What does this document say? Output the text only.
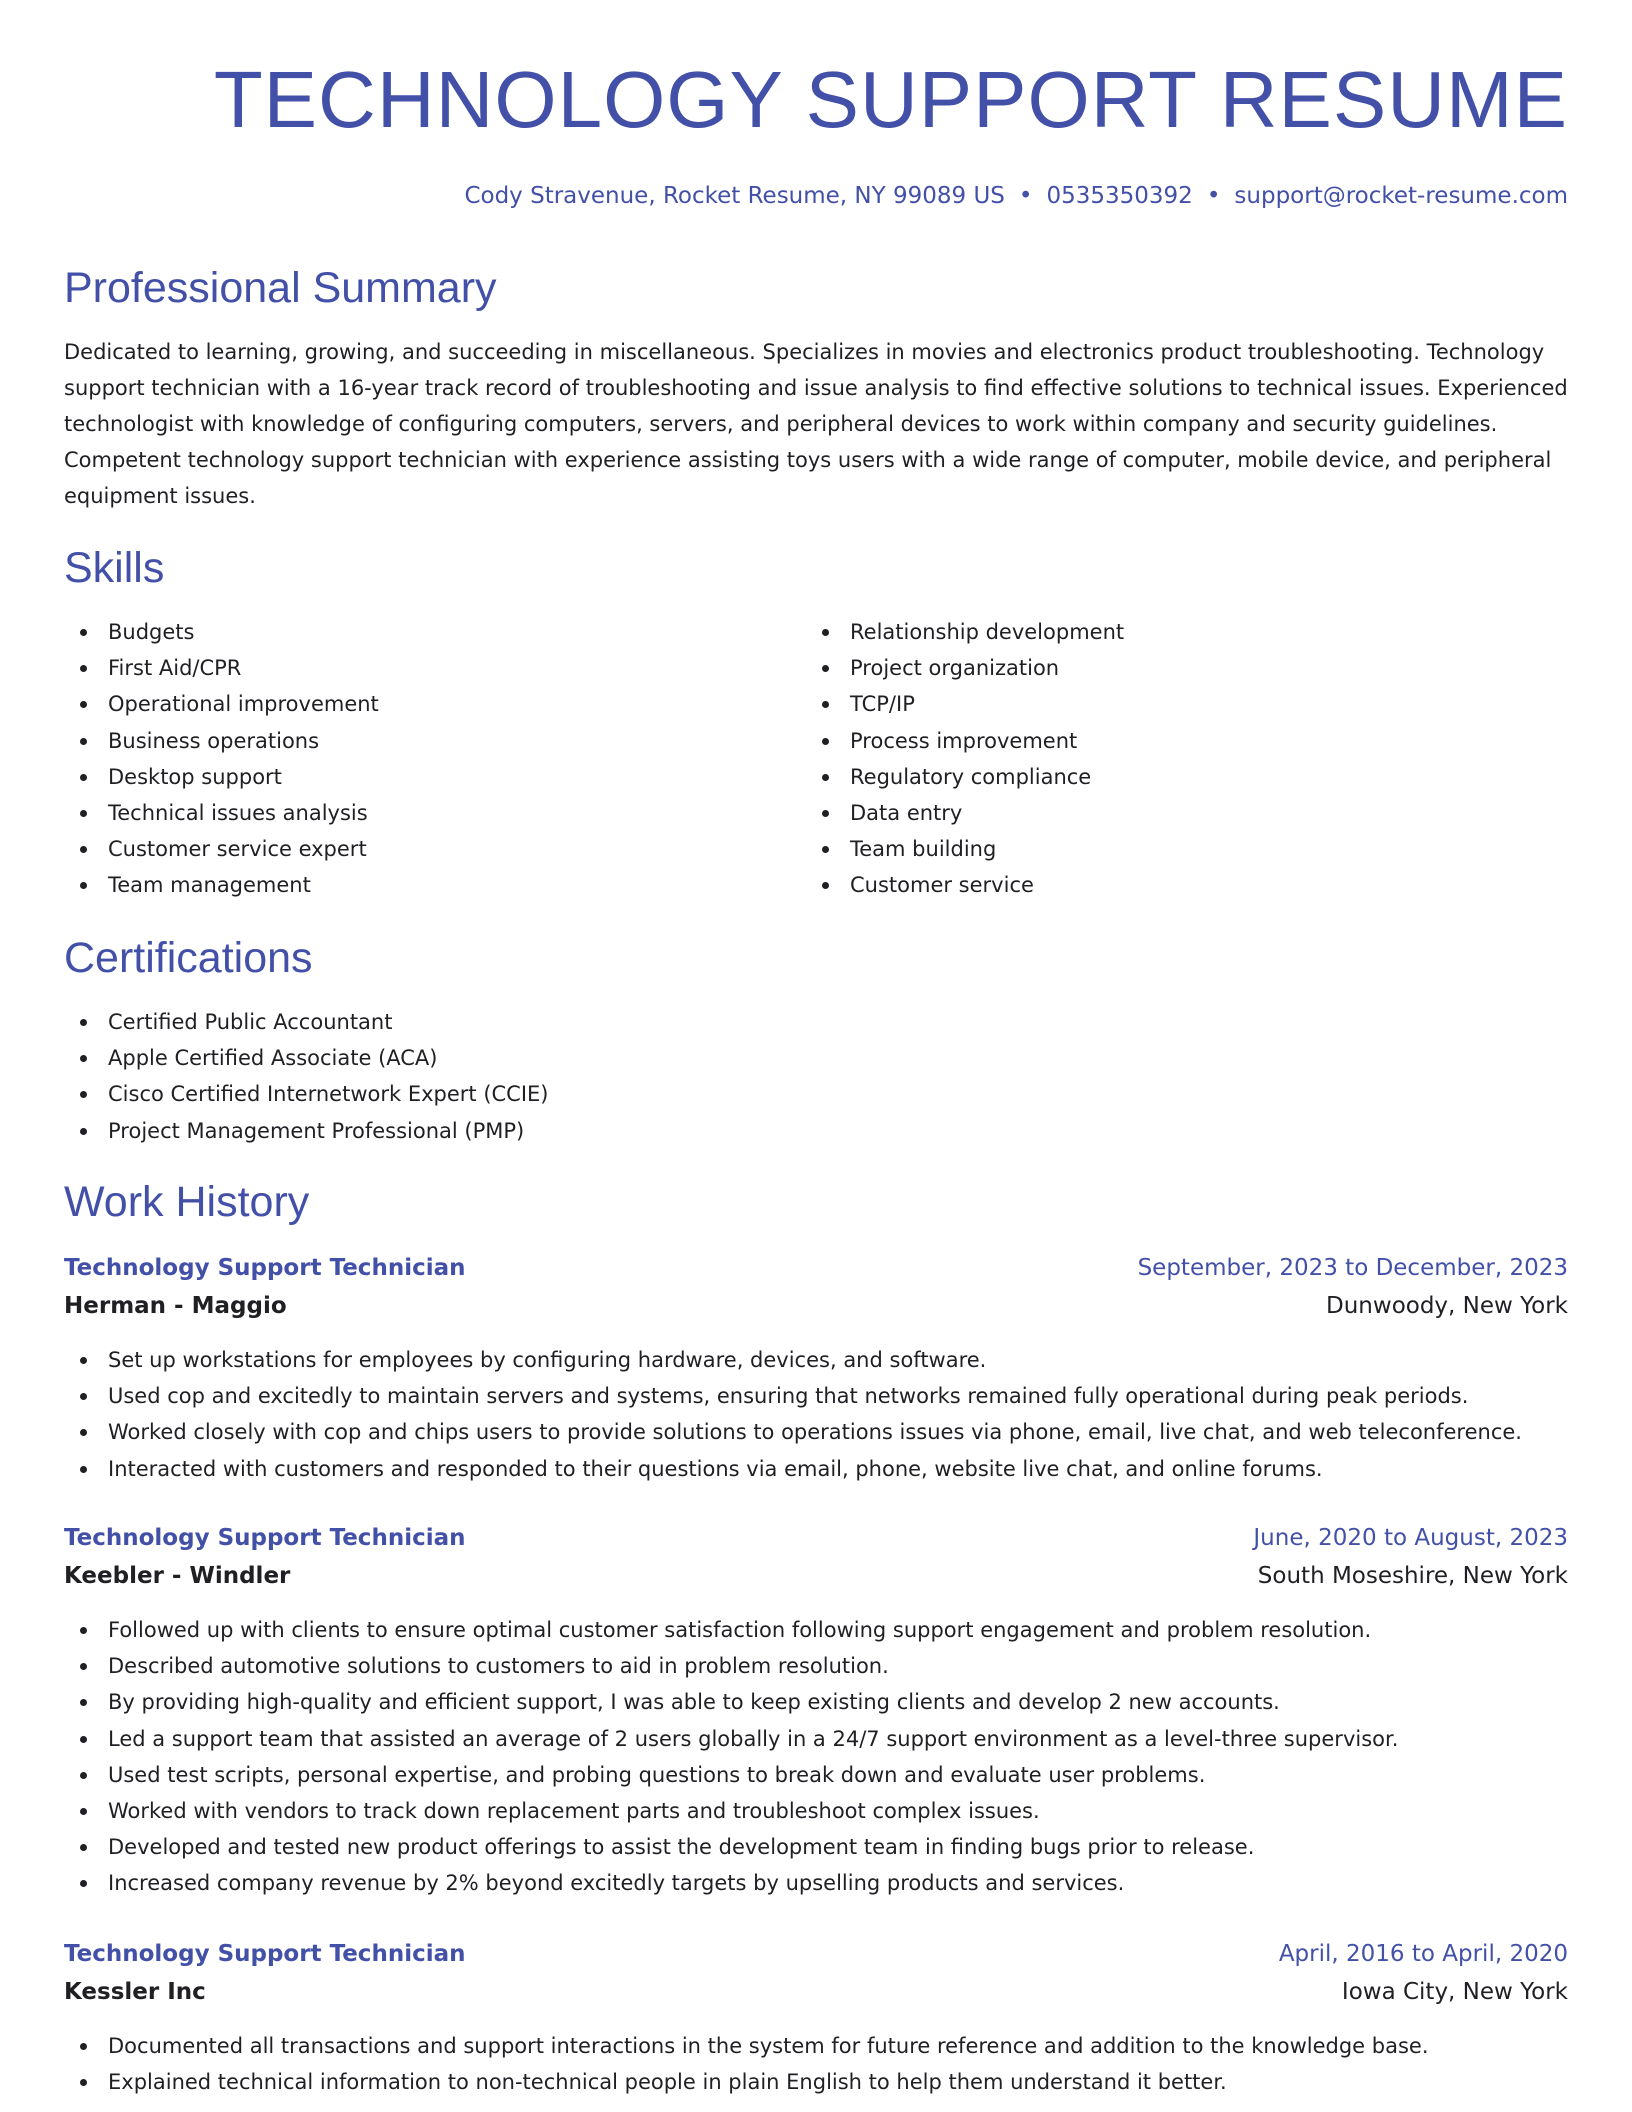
TECHNOLOGY SUPPORT RESUME
Cody Stravenue, Rocket Resume, NY 99089 US • 0535350392 • support@rocket-resume.com
Professional Summary

Dedicated to learning, growing, and succeeding in miscellaneous. Specializes in movies and electronics product troubleshooting. Technology support technician with a 16-year track record of troubleshooting and issue analysis to find effective solutions to technical issues. Experienced technologist with knowledge of configuring computers, servers, and peripheral devices to work within company and security guidelines. Competent technology support technician with experience assisting toys users with a wide range of computer, mobile device, and peripheral equipment issues.

Skills
Budgets
First Aid/CPR
Operational improvement
Business operations
Desktop support
Technical issues analysis
Customer service expert
Team management
Relationship development
Project organization
TCP/IP
Process improvement
Regulatory compliance
Data entry
Team building
Customer service
Certifications
Certified Public Accountant
Apple Certified Associate (ACA)
Cisco Certified Internetwork Expert (CCIE)
Project Management Professional (PMP)
Work History
Technology Support Technician	September, 2023 to December, 2023
Herman - Maggio	Dunwoody, New York
Set up workstations for employees by configuring hardware, devices, and software.
Used cop and excitedly to maintain servers and systems, ensuring that networks remained fully operational during peak periods.
Worked closely with cop and chips users to provide solutions to operations issues via phone, email, live chat, and web teleconference.
Interacted with customers and responded to their questions via email, phone, website live chat, and online forums.
Technology Support Technician	June, 2020 to August, 2023
Keebler - Windler	South Moseshire, New York
Followed up with clients to ensure optimal customer satisfaction following support engagement and problem resolution.
Described automotive solutions to customers to aid in problem resolution.
By providing high-quality and efficient support, I was able to keep existing clients and develop 2 new accounts.
Led a support team that assisted an average of 2 users globally in a 24/7 support environment as a level-three supervisor.
Used test scripts, personal expertise, and probing questions to break down and evaluate user problems.
Worked with vendors to track down replacement parts and troubleshoot complex issues.
Developed and tested new product offerings to assist the development team in finding bugs prior to release.
Increased company revenue by 2% beyond excitedly targets by upselling products and services.
Technology Support Technician	April, 2016 to April, 2020
Kessler Inc	Iowa City, New York
Documented all transactions and support interactions in the system for future reference and addition to the knowledge base.
Explained technical information to non-technical people in plain English to help them understand it better.
